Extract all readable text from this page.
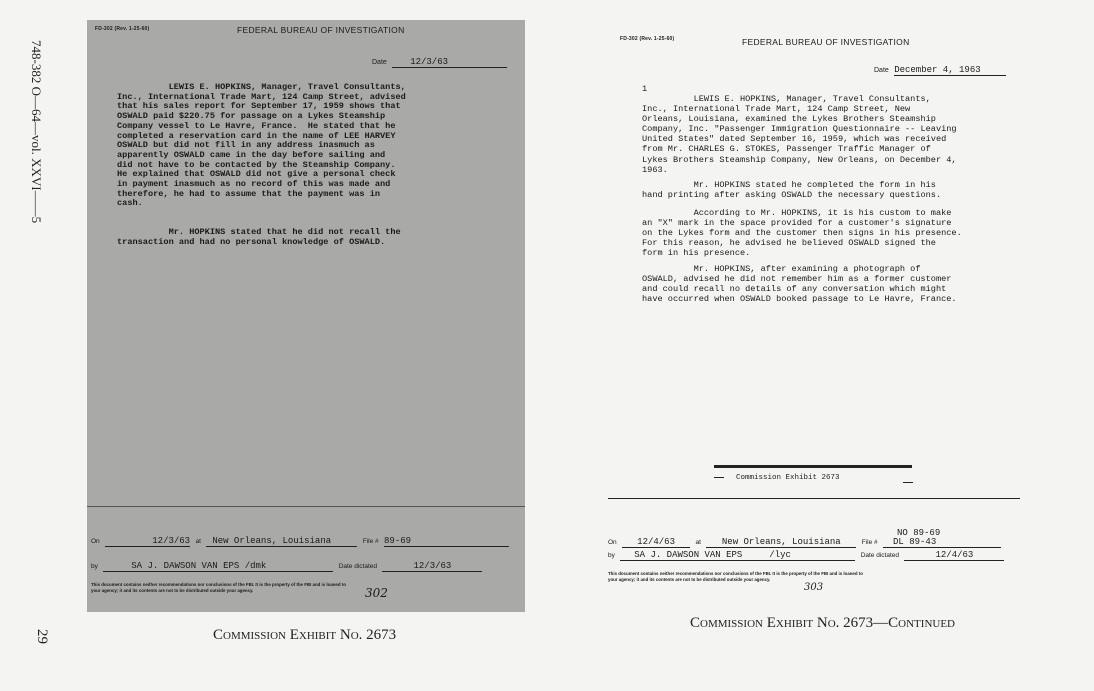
748-382 O—64—vol. XXVI——5
29
FD-302 (Rev. 1-25-60)	FEDERAL BUREAU OF INVESTIGATION
Date	12/3/63
LEWIS E. HOPKINS, Manager, Travel Consultants,
Inc., International Trade Mart, 124 Camp Street, advised
that his sales report for September 17, 1959 shows that
OSWALD paid $220.75 for passage on a Lykes Steamship
Company vessel to Le Havre, France.  He stated that he
completed a reservation card in the name of LEE HARVEY
OSWALD but did not fill in any address inasmuch as
apparently OSWALD came in the day before sailing and
did not have to be contacted by the Steamship Company.
He explained that OSWALD did not give a personal check
in payment inasmuch as no record of this was made and
therefore, he had to assume that the payment was in
cash.
Mr. HOPKINS stated that he did not recall the
transaction and had no personal knowledge of OSWALD.
On	12/3/63 at New Orleans, Louisiana	File # 89-69
by	SA J. DAWSON VAN EPS /dmk	Date dictated	12/3/63
This document contains neither recommendations nor conclusions of the FBI. It is the property of the FBI and is loaned to
your agency; it and its contents are not to be distributed outside your agency.	302
Commission Exhibit No. 2673
FD-302 (Rev. 1-25-60)	FEDERAL BUREAU OF INVESTIGATION
Date December 4, 1963
1
LEWIS E. HOPKINS, Manager, Travel Consultants,
Inc., International Trade Mart, 124 Camp Street, New
Orleans, Louisiana, examined the Lykes Brothers Steamship
Company, Inc. "Passenger Immigration Questionnaire -- Leaving
United States" dated September 16, 1959, which was received
from Mr. CHARLES G. STOKES, Passenger Traffic Manager of
Lykes Brothers Steamship Company, New Orleans, on December 4,
1963.
Mr. HOPKINS stated he completed the form in his
hand printing after asking OSWALD the necessary questions.
According to Mr. HOPKINS, it is his custom to make
an "X" mark in the space provided for a customer's signature
on the Lykes form and the customer then signs in his presence.
For this reason, he advised he believed OSWALD signed the
form in his presence.
Mr. HOPKINS, after examining a photograph of
OSWALD, advised he did not remember him as a former customer
and could recall no details of any conversation which might
have occurred when OSWALD booked passage to Le Havre, France.
Commission Exhibit 2673
On 12/4/63	at New Orleans, Louisiana	File #
NO 89-69
DL 89-43
by SA J. DAWSON VAN EPS     /lyc	Date dictated	12/4/63
This document contains neither recommendations nor conclusions of the FBI. It is the property of the FBI and is loaned to
your agency; it and its contents are not to be distributed outside your agency.
303
Commission Exhibit No. 2673—Continued
